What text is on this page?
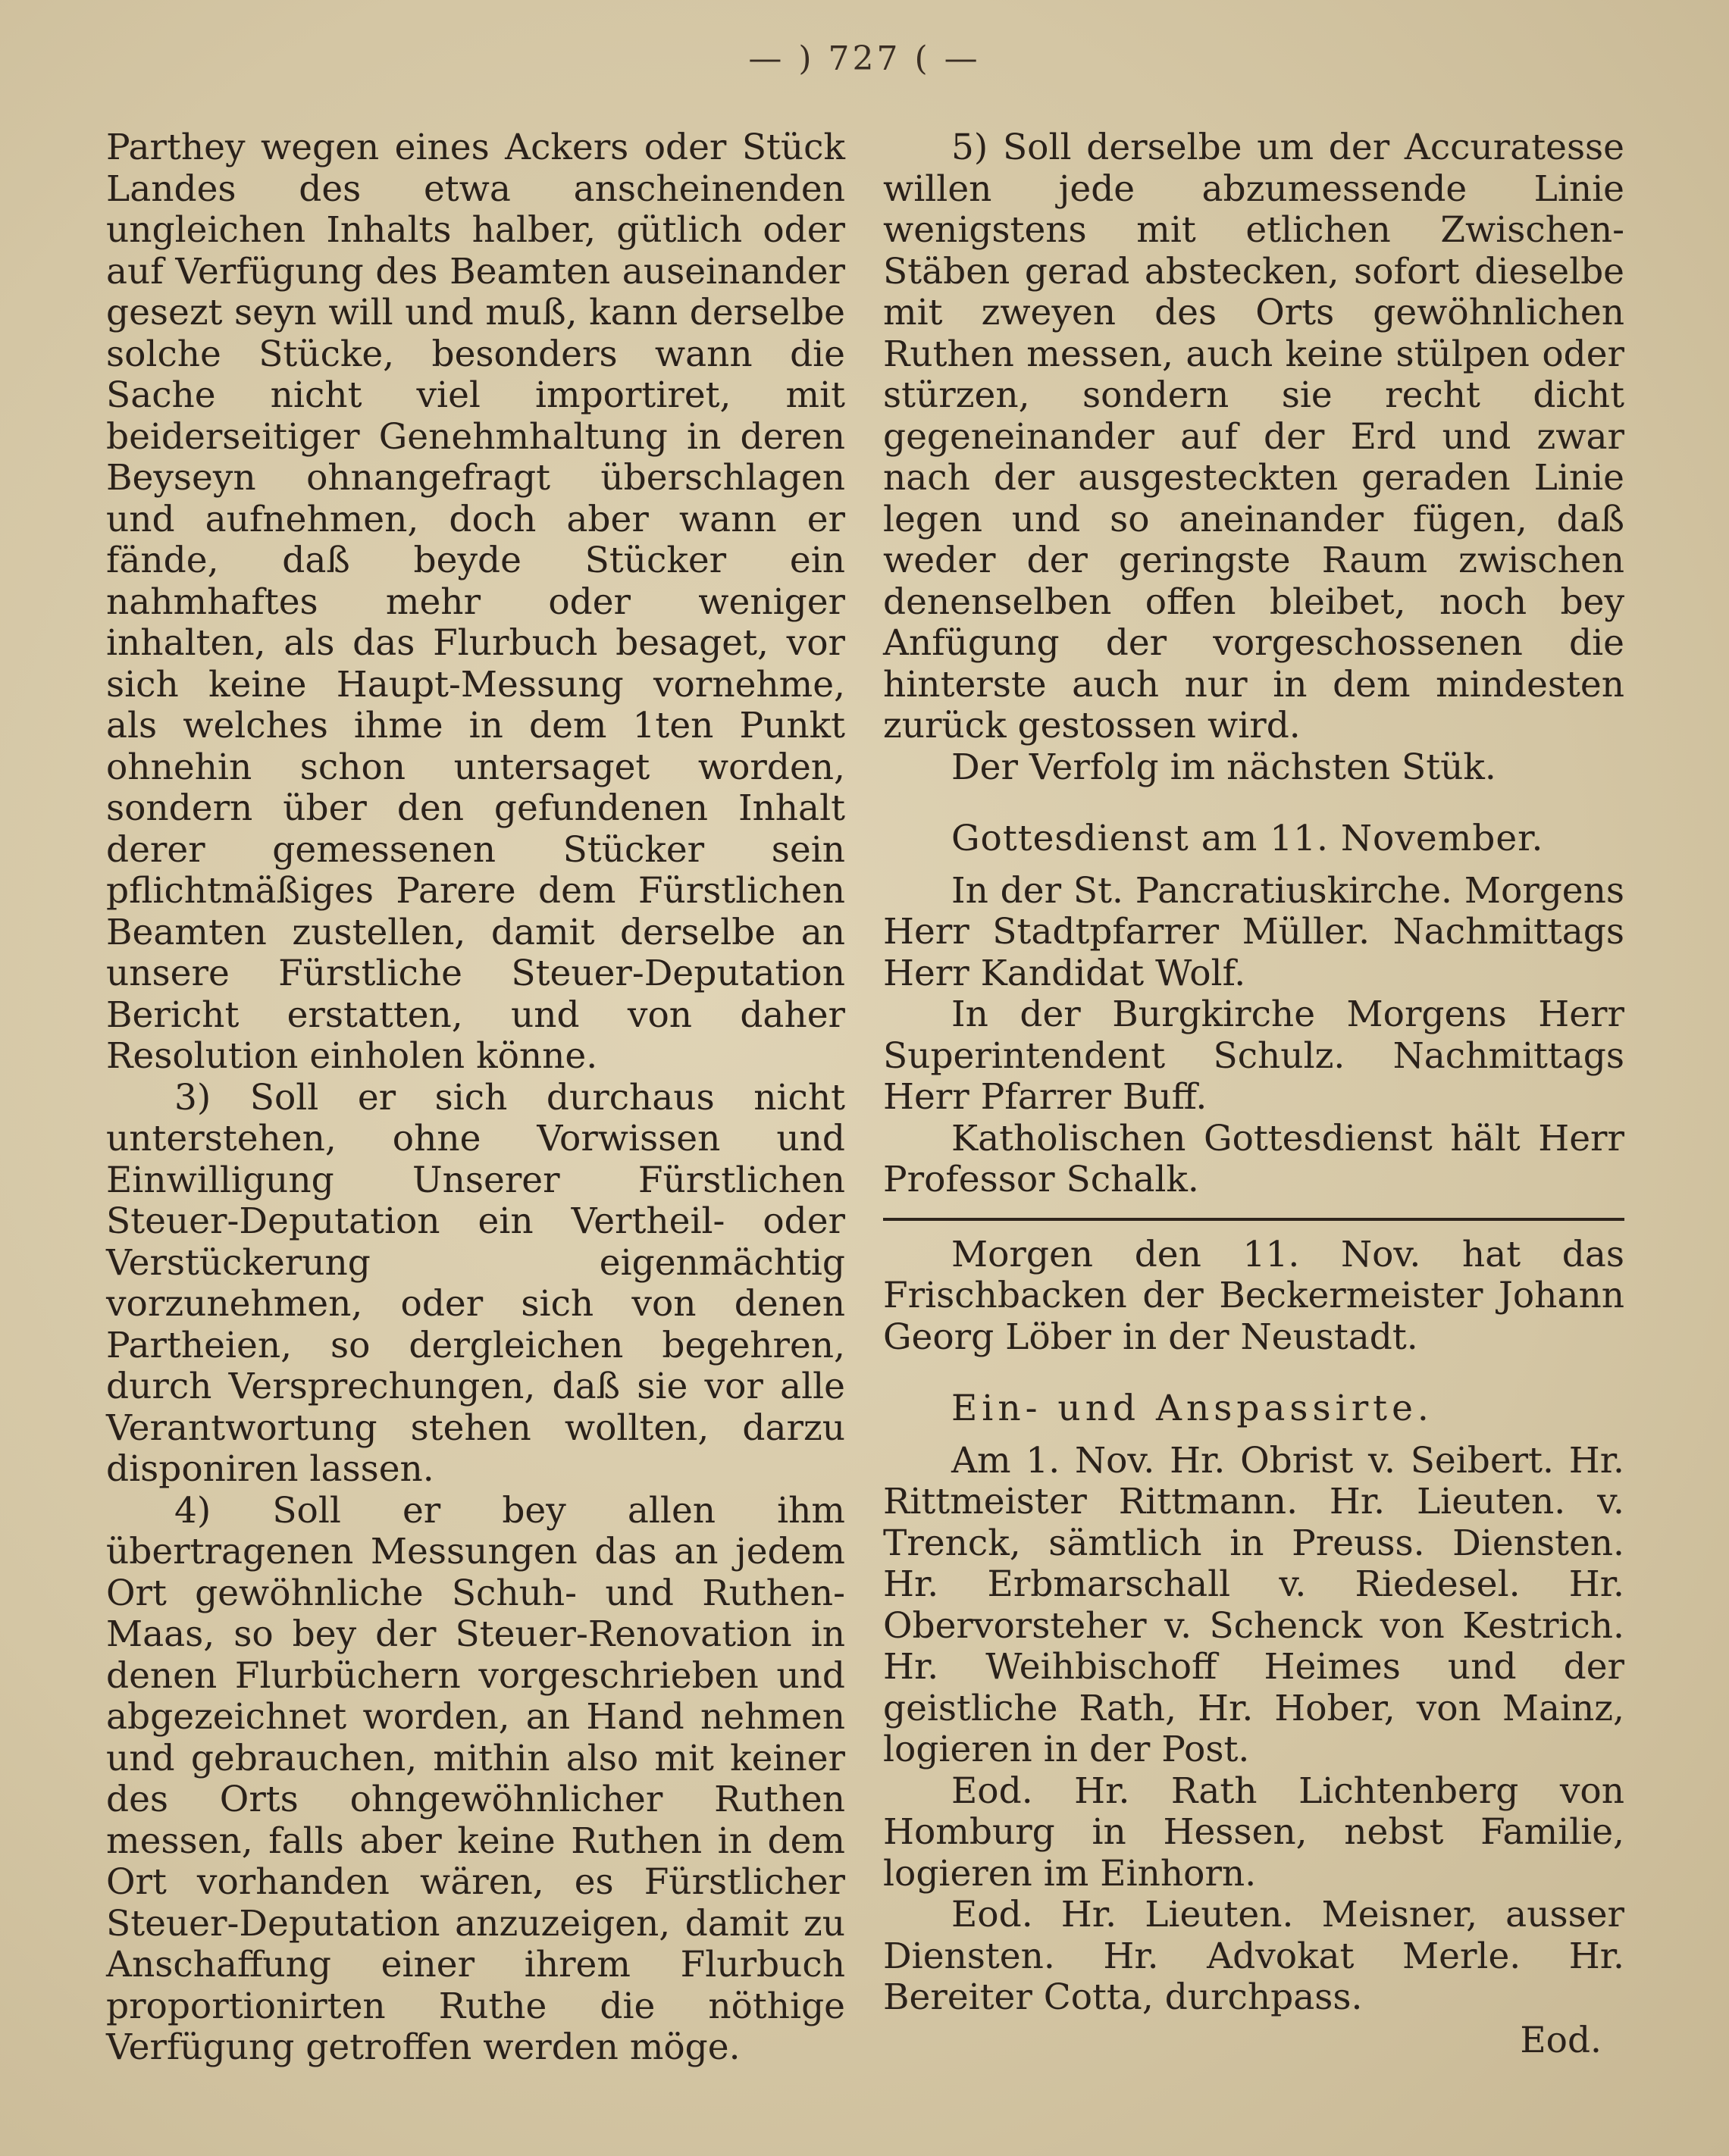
— ) 727 ( —

Parthey wegen eines Ackers oder Stück Landes des etwa anscheinenden ungleichen Inhalts halber, gütlich oder auf Verfügung des Beamten auseinander gesezt seyn will und muß, kann derselbe solche Stücke, besonders wann die Sache nicht viel importiret, mit beiderseitiger Genehmhaltung in deren Beyseyn ohnangefragt überschlagen und aufnehmen, doch aber wann er fände, daß beyde Stücker ein nahmhaftes mehr oder weniger inhalten, als das Flurbuch besaget, vor sich keine Haupt-Messung vornehme, als welches ihme in dem 1ten Punkt ohnehin schon untersaget worden, sondern über den gefundenen Inhalt derer gemessenen Stücker sein pflichtmäßiges Parere dem Fürstlichen Beamten zustellen, damit derselbe an unsere Fürstliche Steuer-Deputation Bericht erstatten, und von daher Resolution einholen könne.

3) Soll er sich durchaus nicht unterstehen, ohne Vorwissen und Einwilligung Unserer Fürstlichen Steuer-Deputation ein Vertheil- oder Verstückerung eigenmächtig vorzunehmen, oder sich von denen Partheien, so dergleichen begehren, durch Versprechungen, daß sie vor alle Verantwortung stehen wollten, darzu disponiren lassen.

4) Soll er bey allen ihm übertragenen Messungen das an jedem Ort gewöhnliche Schuh- und Ruthen-Maas, so bey der Steuer-Renovation in denen Flurbüchern vorgeschrieben und abgezeichnet worden, an Hand nehmen und gebrauchen, mithin also mit keiner des Orts ohngewöhnlicher Ruthen messen, falls aber keine Ruthen in dem Ort vorhanden wären, es Fürstlicher Steuer-Deputation anzuzeigen, damit zu Anschaffung einer ihrem Flurbuch proportionirten Ruthe die nöthige Verfügung getroffen werden möge.

5) Soll derselbe um der Accuratesse willen jede abzumessende Linie wenigstens mit etlichen Zwischen-Stäben gerad abstecken, sofort dieselbe mit zweyen des Orts gewöhnlichen Ruthen messen, auch keine stülpen oder stürzen, sondern sie recht dicht gegeneinander auf der Erd und zwar nach der ausgesteckten geraden Linie legen und so aneinander fügen, daß weder der geringste Raum zwischen denenselben offen bleibet, noch bey Anfügung der vorgeschossenen die hinterste auch nur in dem mindesten zurück gestossen wird.

Der Verfolg im nächsten Stük.

Gottesdienst am 11. November.

In der St. Pancratiuskirche. Morgens Herr Stadtpfarrer Müller. Nachmittags Herr Kandidat Wolf.

In der Burgkirche Morgens Herr Superintendent Schulz. Nachmittags Herr Pfarrer Buff.

Katholischen Gottesdienst hält Herr Professor Schalk.

Morgen den 11. Nov. hat das Frischbacken der Beckermeister Johann Georg Löber in der Neustadt.

Ein- und Anspassirte.

Am 1. Nov. Hr. Obrist v. Seibert. Hr. Rittmeister Rittmann. Hr. Lieuten. v. Trenck, sämtlich in Preuss. Diensten. Hr. Erbmarschall v. Riedesel. Hr. Obervorsteher v. Schenck von Kestrich. Hr. Weihbischoff Heimes und der geistliche Rath, Hr. Hober, von Mainz, logieren in der Post.

Eod. Hr. Rath Lichtenberg von Homburg in Hessen, nebst Familie, logieren im Einhorn.

Eod. Hr. Lieuten. Meisner, ausser Diensten. Hr. Advokat Merle. Hr. Bereiter Cotta, durchpass.

Eod.
